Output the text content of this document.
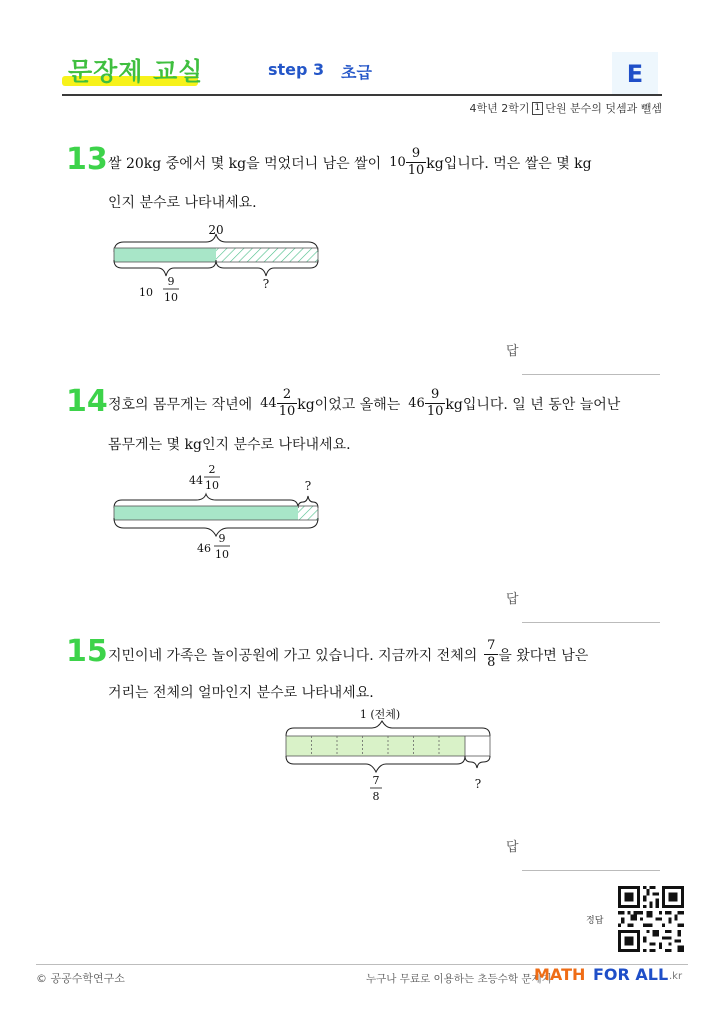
문장제 교실	step 3 초급	E
4학년 2학기 1 단원 분수의 덧셈과 뺄셈
13 쌀 20kg 중에서 몇 kg을 먹었더니 남은 쌀이 $10 \frac{9}{10}$ kg입니다. 먹은 쌀은 몇 kg
인지 분수로 나타내세요.
20
10
9
10
?
답
14 정호의 몸무게는 작년에 $44 \frac{2}{10}$ kg이었고 올해는 $46 \frac{9}{10}$ kg입니다. 일 년 동안 늘어난
몸무게는 몇 kg인지 분수로 나타내세요.
44
2
10	?
46
9
10
답
15 지민이네 가족은 놀이공원에 가고 있습니다. 지금까지 전체의 $\frac{7}{8}$ 을 왔다면 남은
거리는 전체의 얼마인지 분수로 나타내세요.
1 (전체)
7
8
?
답
정답
© 공공수학연구소	누구나 무료로 이용하는 초등수학 문제지
MATH FOR ALL .kr
